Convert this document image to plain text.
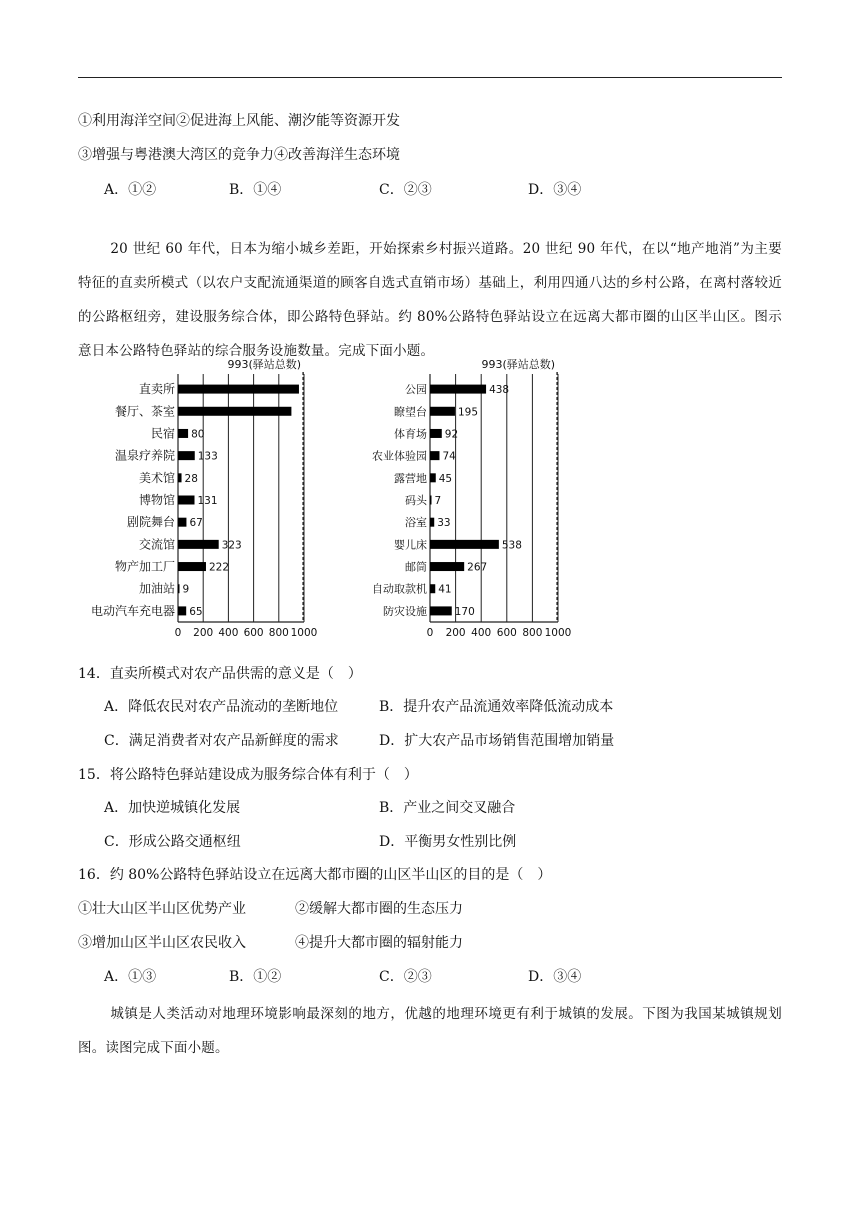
①利用海洋空间②促进海上风能、潮汐能等资源开发
③增强与粤港澳大湾区的竞争力④改善海洋生态环境
A．①②	B．①④	C．②③	D．③④
20 世纪 60 年代，日本为缩小城乡差距，开始探索乡村振兴道路。20 世纪 90 年代，在以“地产地消”为主要特征的直卖所模式（以农户支配流通渠道的顾客自选式直销市场）基础上，利用四通八达的乡村公路，在离村落较近的公路枢纽旁，建设服务综合体，即公路特色驿站。约 80%公路特色驿站设立在远离大都市圈的山区半山区。图示意日本公路特色驿站的综合服务设施数量。完成下面小题。
993(驿站总数)
0 200 400 600 800 1000
直卖所
餐厅、茶室
民宿 80
温泉疗养院 133
美术馆 28
博物馆 131
剧院舞台 67
交流馆	323
物产加工厂	222
加油站 9
电动汽车充电器 65
993(驿站总数)
0 200 400 600 800 1000
公园	438
瞭望台	195
体育场 92
农业体验园 74
露营地 45
码头 7
浴室 33
婴儿床	538
邮筒	267
自动取款机 41
防灾设施	170
14．直卖所模式对农产品供需的意义是（　）
A．降低农民对农产品流动的垄断地位	B．提升农产品流通效率降低流动成本
C．满足消费者对农产品新鲜度的需求	D．扩大农产品市场销售范围增加销量
15．将公路特色驿站建设成为服务综合体有利于（　）
A．加快逆城镇化发展	B．产业之间交叉融合
C．形成公路交通枢纽	D．平衡男女性别比例
16．约 80%公路特色驿站设立在远离大都市圈的山区半山区的目的是（　）
①壮大山区半山区优势产业	②缓解大都市圈的生态压力
③增加山区半山区农民收入	④提升大都市圈的辐射能力
A．①③	B．①②	C．②③	D．③④
城镇是人类活动对地理环境影响最深刻的地方，优越的地理环境更有利于城镇的发展。下图为我国某城镇规划图。读图完成下面小题。
